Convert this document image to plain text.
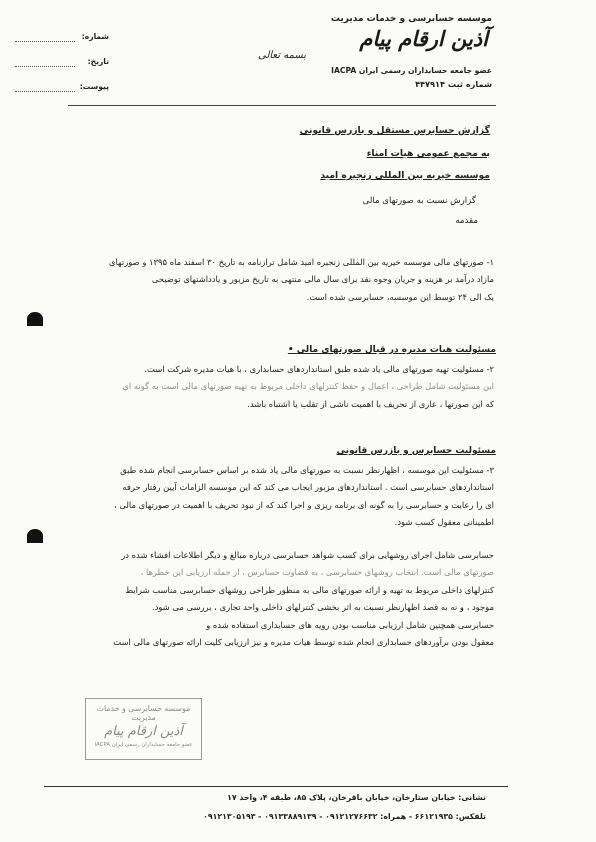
موسسه حسابرسی و خدمات مدیریت
آذین ارقام پیام
عضو جامعه حسابداران رسمی ایران IACPA
شماره ثبت ۴۴۷۹۱۴
بسمه تعالی
شماره:
تاریخ:
پیوست:
گزارش حسابرس مستقل و بازرس قانونی
به مجمع عمومی هیات امناء
موسسه خیریه بین المللی زنجیره امید
گزارش نسبت به صورتهای مالی
مقدمه
۱- صورتهای مالی موسسه خیریه بین المللی زنجیره امید شامل ترازنامه به تاریخ ۳۰ اسفند ماه ۱۳۹۵ و صورتهای
مازاد درآمد بر هزینه و جریان وجوه نقد برای سال مالی منتهی به تاریخ مزبور و یادداشتهای توضیحی
یک الی ۲۴ توسط این موسسه، حسابرسی شده است.
مسئولیت هیات مدیره در قبال صورتهای مالی •
۲- مسئولیت تهیه صورتهای مالی یاد شده طبق استانداردهای حسابداری ، با هیات مدیره شرکت است.
این مسئولیت شامل طراحی ، اعمال و حفظ کنترلهای داخلی مربوط به تهیه صورتهای مالی است به گونه ای
که این صورتها ، عاری از تحریف با اهمیت ناشی از تقلب یا اشتباه باشد.
مسئولیت حسابرس و بازرس قانونی
۳- مسئولیت این موسسه ، اظهارنظر نسبت به صورتهای مالی یاد شده بر اساس حسابرسی انجام شده طبق
استانداردهای حسابرسی است . استانداردهای مزبور ایجاب می کند که این موسسه الزامات آیین رفتار حرفه
ای را رعایت و حسابرسی را به گونه ای برنامه ریزی و اجرا کند که از نبود تحریف با اهمیت در صورتهای مالی ،
اطمینانی معقول کسب شود.
حسابرسی شامل اجرای روشهایی برای کسب شواهد حسابرسی درباره مبالغ و دیگر اطلاعات افشاء شده در
صورتهای مالی است. انتخاب روشهای حسابرسی ، به قضاوت حسابرس ، از جمله ارزیابی این خطرها ،
کنترلهای داخلی مربوط به تهیه و ارائه صورتهای مالی به منظور طراحی روشهای حسابرسی مناسب شرایط
موجود ، و نه به قصد اظهارنظر نسبت به اثر بخشی کنترلهای داخلی واحد تجاری ، بررسی می شود.
حسابرسی همچنین شامل ارزیابی مناسب بودن رویه های حسابداری استفاده شده و
معقول بودن برآوردهای حسابداری انجام شده توسط هیات مدیره و نیز ارزیابی کلیت ارائه صورتهای مالی است
موسسه حسابرسی و خدمات مدیریت
آذین ارقام پیام
عضو جامعه حسابداران رسمی ایران IACPA
نشانی: خیابان ستارخان، خیابان باقرخان، پلاک ۸۵، طبقه ۴، واحد ۱۷
تلفکس: ۶۶۱۲۱۹۳۵ - همراه: ۰۹۱۲۱۲۷۶۶۳۲ - ۰۹۱۳۳۸۸۹۱۳۹ - ۰۹۱۲۱۳۰۵۱۹۳
